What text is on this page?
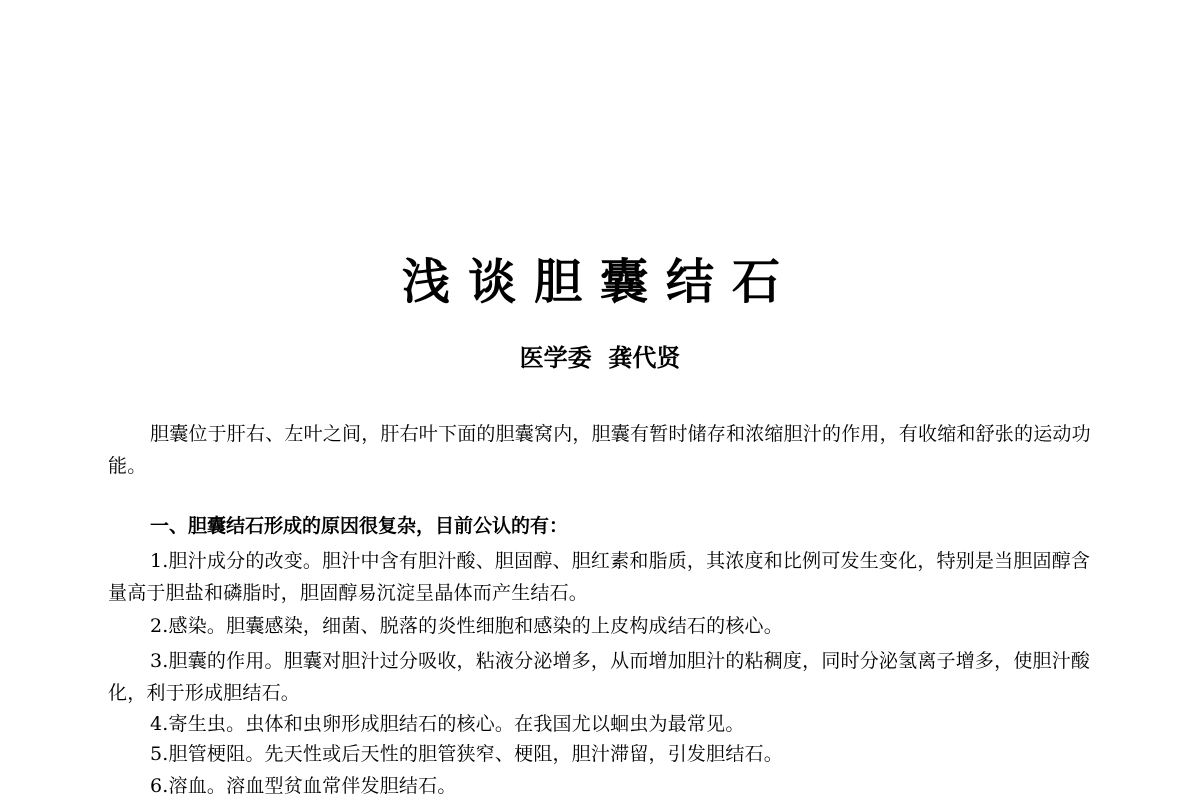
浅谈胆囊结石
医学委  龚代贤
胆囊位于肝右、左叶之间，肝右叶下面的胆囊窝内，胆囊有暂时储存和浓缩胆汁的作用，有收缩和舒张的运动功能。
一、胆囊结石形成的原因很复杂，目前公认的有：
1.胆汁成分的改变。胆汁中含有胆汁酸、胆固醇、胆红素和脂质，其浓度和比例可发生变化，特别是当胆固醇含量高于胆盐和磷脂时，胆固醇易沉淀呈晶体而产生结石。
2.感染。胆囊感染，细菌、脱落的炎性细胞和感染的上皮构成结石的核心。
3.胆囊的作用。胆囊对胆汁过分吸收，粘液分泌增多，从而增加胆汁的粘稠度，同时分泌氢离子增多，使胆汁酸化，利于形成胆结石。
4.寄生虫。虫体和虫卵形成胆结石的核心。在我国尤以蛔虫为最常见。
5.胆管梗阻。先天性或后天性的胆管狭窄、梗阻，胆汁滞留，引发胆结石。
6.溶血。溶血型贫血常伴发胆结石。
